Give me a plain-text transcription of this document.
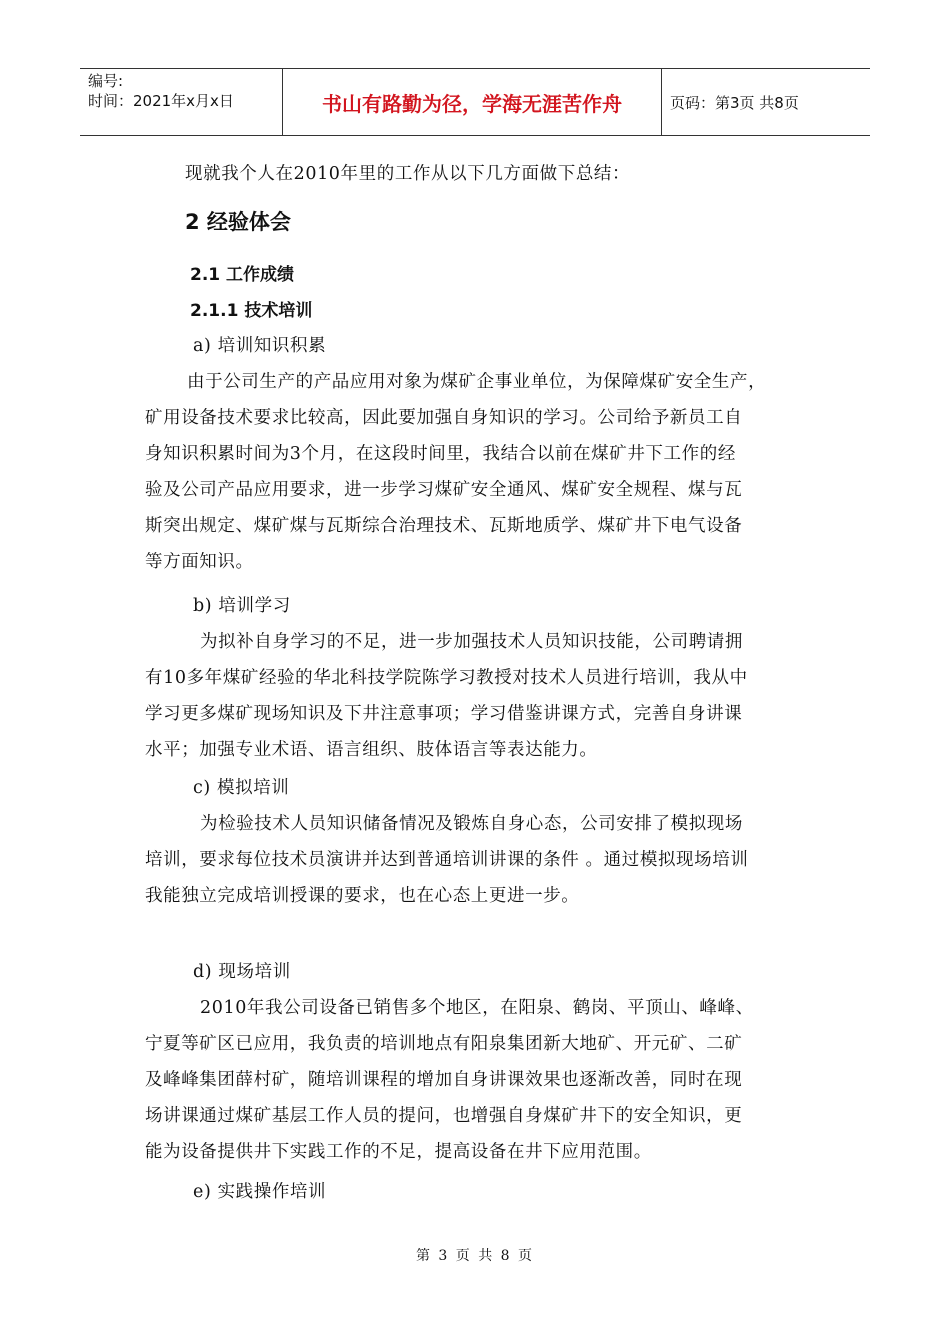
编号:
时间：2021年x月x日	书山有路勤为径，学海无涯苦作舟	页码：第3页 共8页
现就我个人在2010年里的工作从以下几方面做下总结：
2 经验体会
2.1 工作成绩
2.1.1 技术培训
a) 培训知识积累
由于公司生产的产品应用对象为煤矿企事业单位，为保障煤矿安全生产，
矿用设备技术要求比较高，因此要加强自身知识的学习。公司给予新员工自
身知识积累时间为3个月，在这段时间里，我结合以前在煤矿井下工作的经
验及公司产品应用要求，进一步学习煤矿安全通风、煤矿安全规程、煤与瓦
斯突出规定、煤矿煤与瓦斯综合治理技术、瓦斯地质学、煤矿井下电气设备
等方面知识。
b) 培训学习
为拟补自身学习的不足，进一步加强技术人员知识技能，公司聘请拥
有10多年煤矿经验的华北科技学院陈学习教授对技术人员进行培训，我从中
学习更多煤矿现场知识及下井注意事项；学习借鉴讲课方式，完善自身讲课
水平；加强专业术语、语言组织、肢体语言等表达能力。
c) 模拟培训
为检验技术人员知识储备情况及锻炼自身心态，公司安排了模拟现场
培训，要求每位技术员演讲并达到普通培训讲课的条件 。通过模拟现场培训
我能独立完成培训授课的要求，也在心态上更进一步。
d) 现场培训
2010年我公司设备已销售多个地区，在阳泉、鹤岗、平顶山、峰峰、
宁夏等矿区已应用，我负责的培训地点有阳泉集团新大地矿、开元矿、二矿
及峰峰集团薛村矿，随培训课程的增加自身讲课效果也逐渐改善，同时在现
场讲课通过煤矿基层工作人员的提问，也增强自身煤矿井下的安全知识，更
能为设备提供井下实践工作的不足，提高设备在井下应用范围。
e) 实践操作培训
第 3 页 共 8 页
